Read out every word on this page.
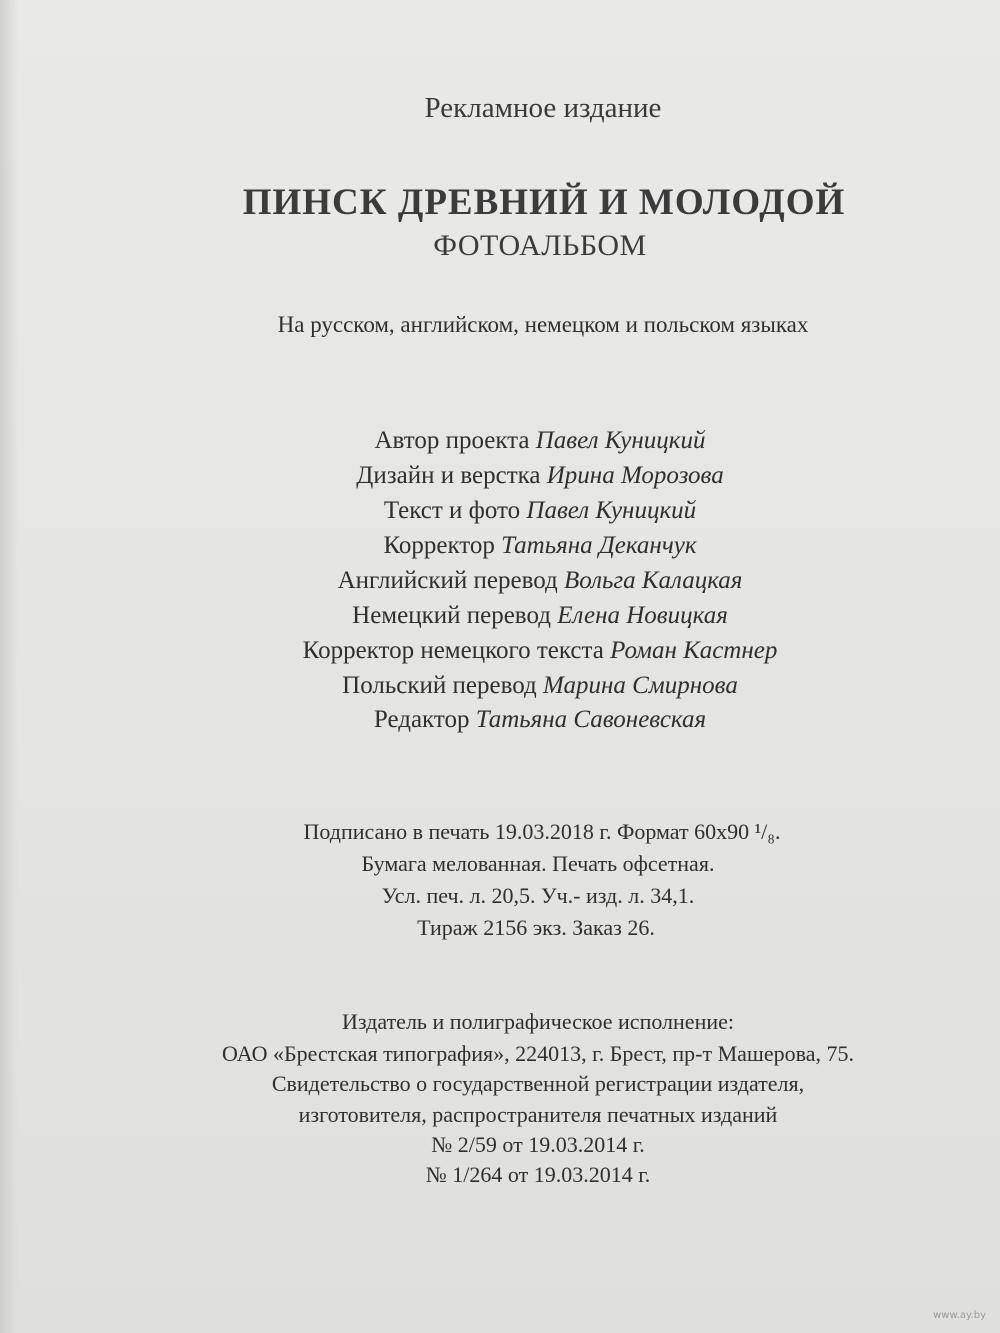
Рекламное издание
ПИНСК ДРЕВНИЙ И МОЛОДОЙ
ФОТОАЛЬБОМ
На русском, английском, немецком и польском языках
Автор проекта Павел Куницкий
Дизайн и верстка Ирина Морозова
Текст и фото Павел Куницкий
Корректор Татьяна Деканчук
Английский перевод Вольга Калацкая
Немецкий перевод Елена Новицкая
Корректор немецкого текста Роман Кастнер
Польский перевод Марина Смирнова
Редактор Татьяна Савоневская
Подписано в печать 19.03.2018 г. Формат 60x90 ¹/₈.
Бумага мелованная. Печать офсетная.
Усл. печ. л. 20,5. Уч.- изд. л. 34,1.
Тираж 2156 экз. Заказ 26.
Издатель и полиграфическое исполнение:
ОАО «Брестская типография», 224013, г. Брест, пр-т Машерова, 75.
Свидетельство о государственной регистрации издателя,
изготовителя, распространителя печатных изданий
№ 2/59 от 19.03.2014 г.
№ 1/264 от 19.03.2014 г.
www.ay.by
